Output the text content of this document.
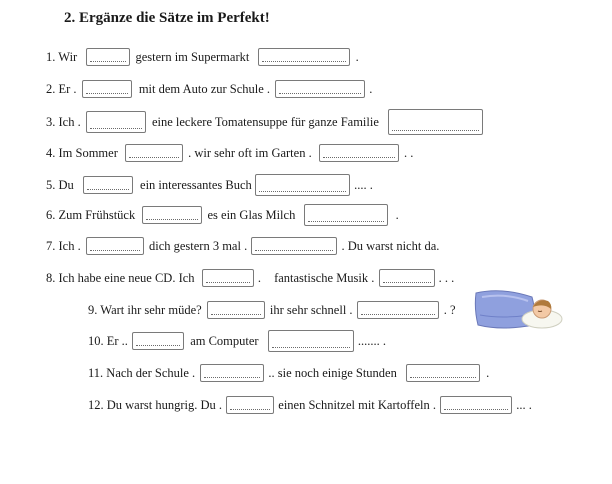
2. Ergänze die Sätze im Perfekt!
1. Wir	gestern im Supermarkt	.
2. Er .	mit dem Auto zur Schule .	.
3. Ich .	eine leckere Tomatensuppe für ganze Familie
4. Im Sommer	. wir sehr oft im Garten .	. .
5. Du	ein interessantes Buch	.... .
6. Zum Frühstück	es ein Glas Milch	.
7. Ich .	dich gestern 3 mal .	. Du warst nicht da.
8. Ich habe eine neue CD. Ich	. fantastische Musik .	. . .
9. Wart ihr sehr müde?	ihr sehr schnell .	. ?
10. Er ..	am Computer	....... .
11. Nach der Schule .	.. sie noch einige Stunden	.
12. Du warst hungrig. Du .	einen Schnitzel mit Kartoffeln .	... .
